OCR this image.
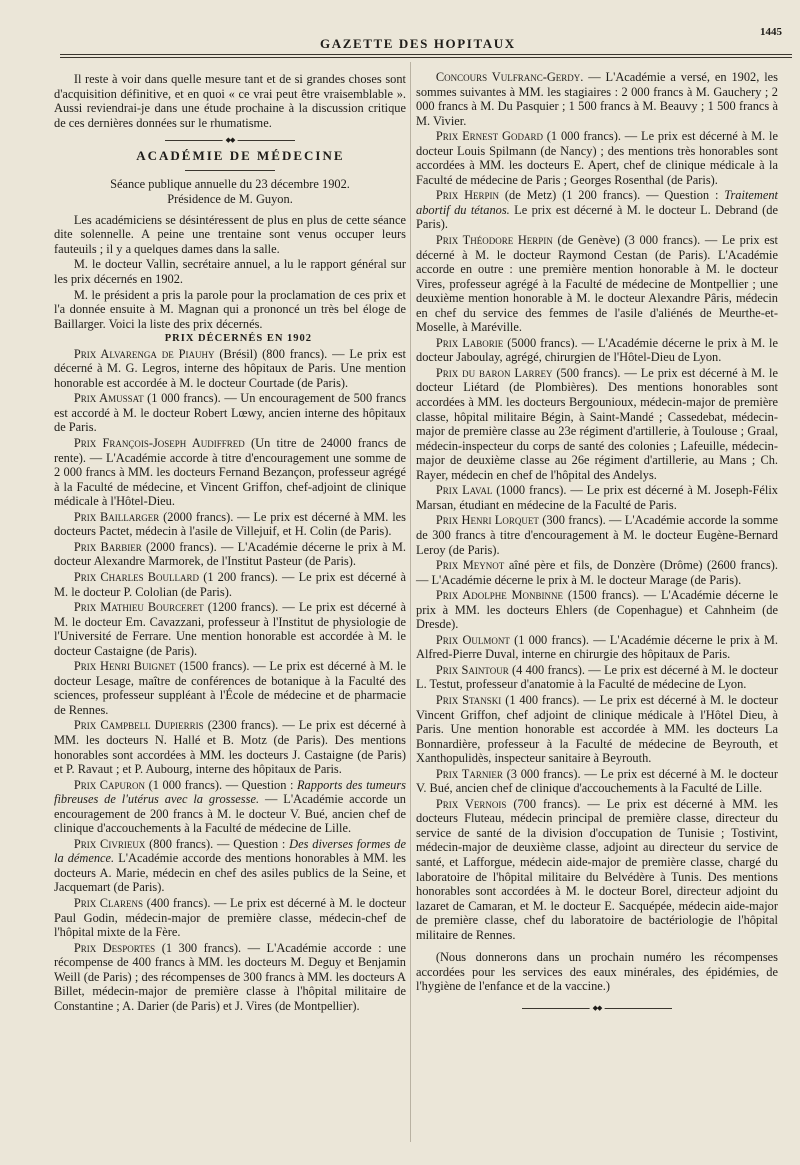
GAZETTE DES HOPITAUX
1445

Il reste à voir dans quelle mesure tant et de si grandes choses sont d'acquisition définitive, et en quoi « ce vrai peut être vraisemblable ». Aussi reviendrai-je dans une étude prochaine à la discussion critique de ces dernières données sur le rhumatisme.

◆◆

ACADÉMIE DE MÉDECINE

Séance publique annuelle du 23 décembre 1902.

Présidence de M. Guyon.

Les académiciens se désintéressent de plus en plus de cette séance dite solennelle. A peine une trentaine sont venus occuper leurs fauteuils ; il y a quelques dames dans la salle.

M. le docteur Vallin, secrétaire annuel, a lu le rapport général sur les prix décernés en 1902.

M. le président a pris la parole pour la proclamation de ces prix et l'a donnée ensuite à M. Magnan qui a prononcé un très bel éloge de Baillarger. Voici la liste des prix décernés.

PRIX DÉCERNÉS EN 1902

Prix Alvarenga de Piauhy (Brésil) (800 francs). — Le prix est décerné à M. G. Legros, interne des hôpitaux de Paris. Une mention honorable est accordée à M. le docteur Courtade (de Paris).

Prix Amussat (1 000 francs). — Un encouragement de 500 francs est accordé à M. le docteur Robert Lœwy, ancien interne des hôpitaux de Paris.

Prix François-Joseph Audiffred (Un titre de 24000 francs de rente). — L'Académie accorde à titre d'encouragement une somme de 2 000 francs à MM. les docteurs Fernand Bezançon, professeur agrégé à la Faculté de médecine, et Vincent Griffon, chef-adjoint de clinique médicale à l'Hôtel-Dieu.

Prix Baillarger (2000 francs). — Le prix est décerné à MM. les docteurs Pactet, médecin à l'asile de Villejuif, et H. Colin (de Paris).

Prix Barbier (2000 francs). — L'Académie décerne le prix à M. docteur Alexandre Marmorek, de l'Institut Pasteur (de Paris).

Prix Charles Boullard (1 200 francs). — Le prix est décerné à M. le docteur P. Cololian (de Paris).

Prix Mathieu Bourceret (1200 francs). — Le prix est décerné à M. le docteur Em. Cavazzani, professeur à l'Institut de physiologie de l'Université de Ferrare. Une mention honorable est accordée à M. le docteur Castaigne (de Paris).

Prix Henri Buignet (1500 francs). — Le prix est décerné à M. le docteur Lesage, maître de conférences de botanique à la Faculté des sciences, professeur suppléant à l'École de médecine et de pharmacie de Rennes.

Prix Campbell Dupierris (2300 francs). — Le prix est décerné à MM. les docteurs N. Hallé et B. Motz (de Paris). Des mentions honorables sont accordées à MM. les docteurs J. Castaigne (de Paris) et P. Ravaut ; et P. Aubourg, interne des hôpitaux de Paris.

Prix Capuron (1 000 francs). — Question : Rapports des tumeurs fibreuses de l'utérus avec la grossesse. — L'Académie accorde un encouragement de 200 francs à M. le docteur V. Bué, ancien chef de clinique d'accouchements à la Faculté de médecine de Lille.

Prix Civrieux (800 francs). — Question : Des diverses formes de la démence. L'Académie accorde des mentions honorables à MM. les docteurs A. Marie, médecin en chef des asiles publics de la Seine, et Jacquemart (de Paris).

Prix Clarens (400 francs). — Le prix est décerné à M. le docteur Paul Godin, médecin-major de première classe, médecin-chef de l'hôpital mixte de la Fère.

Prix Desportes (1 300 francs). — L'Académie accorde : une récompense de 400 francs à MM. les docteurs M. Deguy et Benjamin Weill (de Paris) ; des récompenses de 300 francs à MM. les docteurs A Billet, médecin-major de première classe à l'hôpital militaire de Constantine ; A. Darier (de Paris) et J. Vires (de Montpellier).

Concours Vulfranc-Gerdy. — L'Académie a versé, en 1902, les sommes suivantes à MM. les stagiaires : 2 000 francs à M. Gauchery ; 2 000 francs à M. Du Pasquier ; 1 500 francs à M. Beauvy ; 1 500 francs à M. Vivier.

Prix Ernest Godard (1 000 francs). — Le prix est décerné à M. le docteur Louis Spilmann (de Nancy) ; des mentions très honorables sont accordées à MM. les docteurs E. Apert, chef de clinique médicale à la Faculté de médecine de Paris ; Georges Rosenthal (de Paris).

Prix Herpin (de Metz) (1 200 francs). — Question : Traitement abortif du tétanos. Le prix est décerné à M. le docteur L. Debrand (de Paris).

Prix Théodore Herpin (de Genève) (3 000 francs). — Le prix est décerné à M. le docteur Raymond Cestan (de Paris). L'Académie accorde en outre : une première mention honorable à M. le docteur Vires, professeur agrégé à la Faculté de médecine de Montpellier ; une deuxième mention honorable à M. le docteur Alexandre Pâris, médecin en chef du service des femmes de l'asile d'aliénés de Meurthe-et-Moselle, à Maréville.

Prix Laborie (5000 francs). — L'Académie décerne le prix à M. le docteur Jaboulay, agrégé, chirurgien de l'Hôtel-Dieu de Lyon.

Prix du baron Larrey (500 francs). — Le prix est décerné à M. le docteur Liétard (de Plombières). Des mentions honorables sont accordées à MM. les docteurs Bergounioux, médecin-major de première classe, hôpital militaire Bégin, à Saint-Mandé ; Cassedebat, médecin-major de première classe au 23e régiment d'artillerie, à Toulouse ; Graal, médecin-inspecteur du corps de santé des colonies ; Lafeuille, médecin-major de deuxième classe au 26e régiment d'artillerie, au Mans ; Ch. Rayer, médecin en chef de l'hôpital des Andelys.

Prix Laval (1000 francs). — Le prix est décerné à M. Joseph-Félix Marsan, étudiant en médecine de la Faculté de Paris.

Prix Henri Lorquet (300 francs). — L'Académie accorde la somme de 300 francs à titre d'encouragement à M. le docteur Eugène-Bernard Leroy (de Paris).

Prix Meynot aîné père et fils, de Donzère (Drôme) (2600 francs). — L'Académie décerne le prix à M. le docteur Marage (de Paris).

Prix Adolphe Monbinne (1500 francs). — L'Académie décerne le prix à MM. les docteurs Ehlers (de Copenhague) et Cahnheim (de Dresde).

Prix Oulmont (1 000 francs). — L'Académie décerne le prix à M. Alfred-Pierre Duval, interne en chirurgie des hôpitaux de Paris.

Prix Saintour (4 400 francs). — Le prix est décerné à M. le docteur L. Testut, professeur d'anatomie à la Faculté de médecine de Lyon.

Prix Stanski (1 400 francs). — Le prix est décerné à M. le docteur Vincent Griffon, chef adjoint de clinique médicale à l'Hôtel Dieu, à Paris. Une mention honorable est accordée à MM. les docteurs La Bonnardière, professeur à la Faculté de médecine de Beyrouth, et Xanthopulidès, inspecteur sanitaire à Beyrouth.

Prix Tarnier (3 000 francs). — Le prix est décerné à M. le docteur V. Bué, ancien chef de clinique d'accouchements à la Faculté de Lille.

Prix Vernois (700 francs). — Le prix est décerné à MM. les docteurs Fluteau, médecin principal de première classe, directeur du service de santé de la division d'occupation de Tunisie ; Tostivint, médecin-major de deuxième classe, adjoint au directeur du service de santé, et Lafforgue, médecin aide-major de première classe, chargé du laboratoire de l'hôpital militaire du Belvédère à Tunis. Des mentions honorables sont accordées à M. le docteur Borel, directeur adjoint du lazaret de Camaran, et M. le docteur E. Sacquépée, médecin aide-major de première classe, chef du laboratoire de bactériologie de l'hôpital militaire de Rennes.

(Nous donnerons dans un prochain numéro les récompenses accordées pour les services des eaux minérales, des épidémies, de l'hygiène de l'enfance et de la vaccine.)

◆◆
